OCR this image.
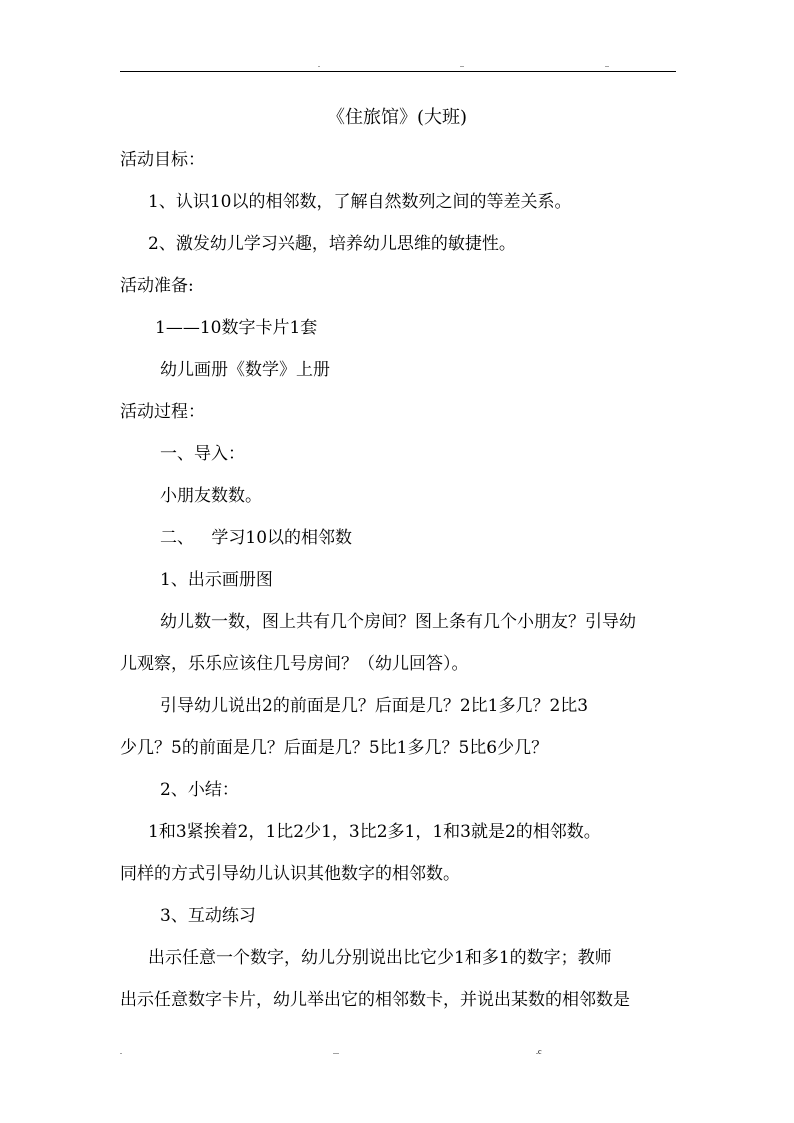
.	..	..
《住旅馆》(大班)
活动目标：
1、认识10以的相邻数，了解自然数列之间的等差关系。
2、激发幼儿学习兴趣，培养幼儿思维的敏捷性。
活动准备:
1——10数字卡片1套
幼儿画册《数学》上册
活动过程：
一、导入：
小朋友数数。
二、 学习10以的相邻数
1、出示画册图
幼儿数一数，图上共有几个房间？图上条有几个小朋友？引导幼
儿观察，乐乐应该住几号房间？（幼儿回答）。
引导幼儿说出2的前面是几？后面是几？2比1多几？2比3
少几？5的前面是几？后面是几？5比1多几？5比6少几？
2、小结：
1和3紧挨着2，1比2少1，3比2多1，1和3就是2的相邻数。
同样的方式引导幼儿认识其他数字的相邻数。
3、互动练习
出示任意一个数字，幼儿分别说出比它少1和多1的数字；教师
出示任意数字卡片，幼儿举出它的相邻数卡，并说出某数的相邻数是
.	...	.c
